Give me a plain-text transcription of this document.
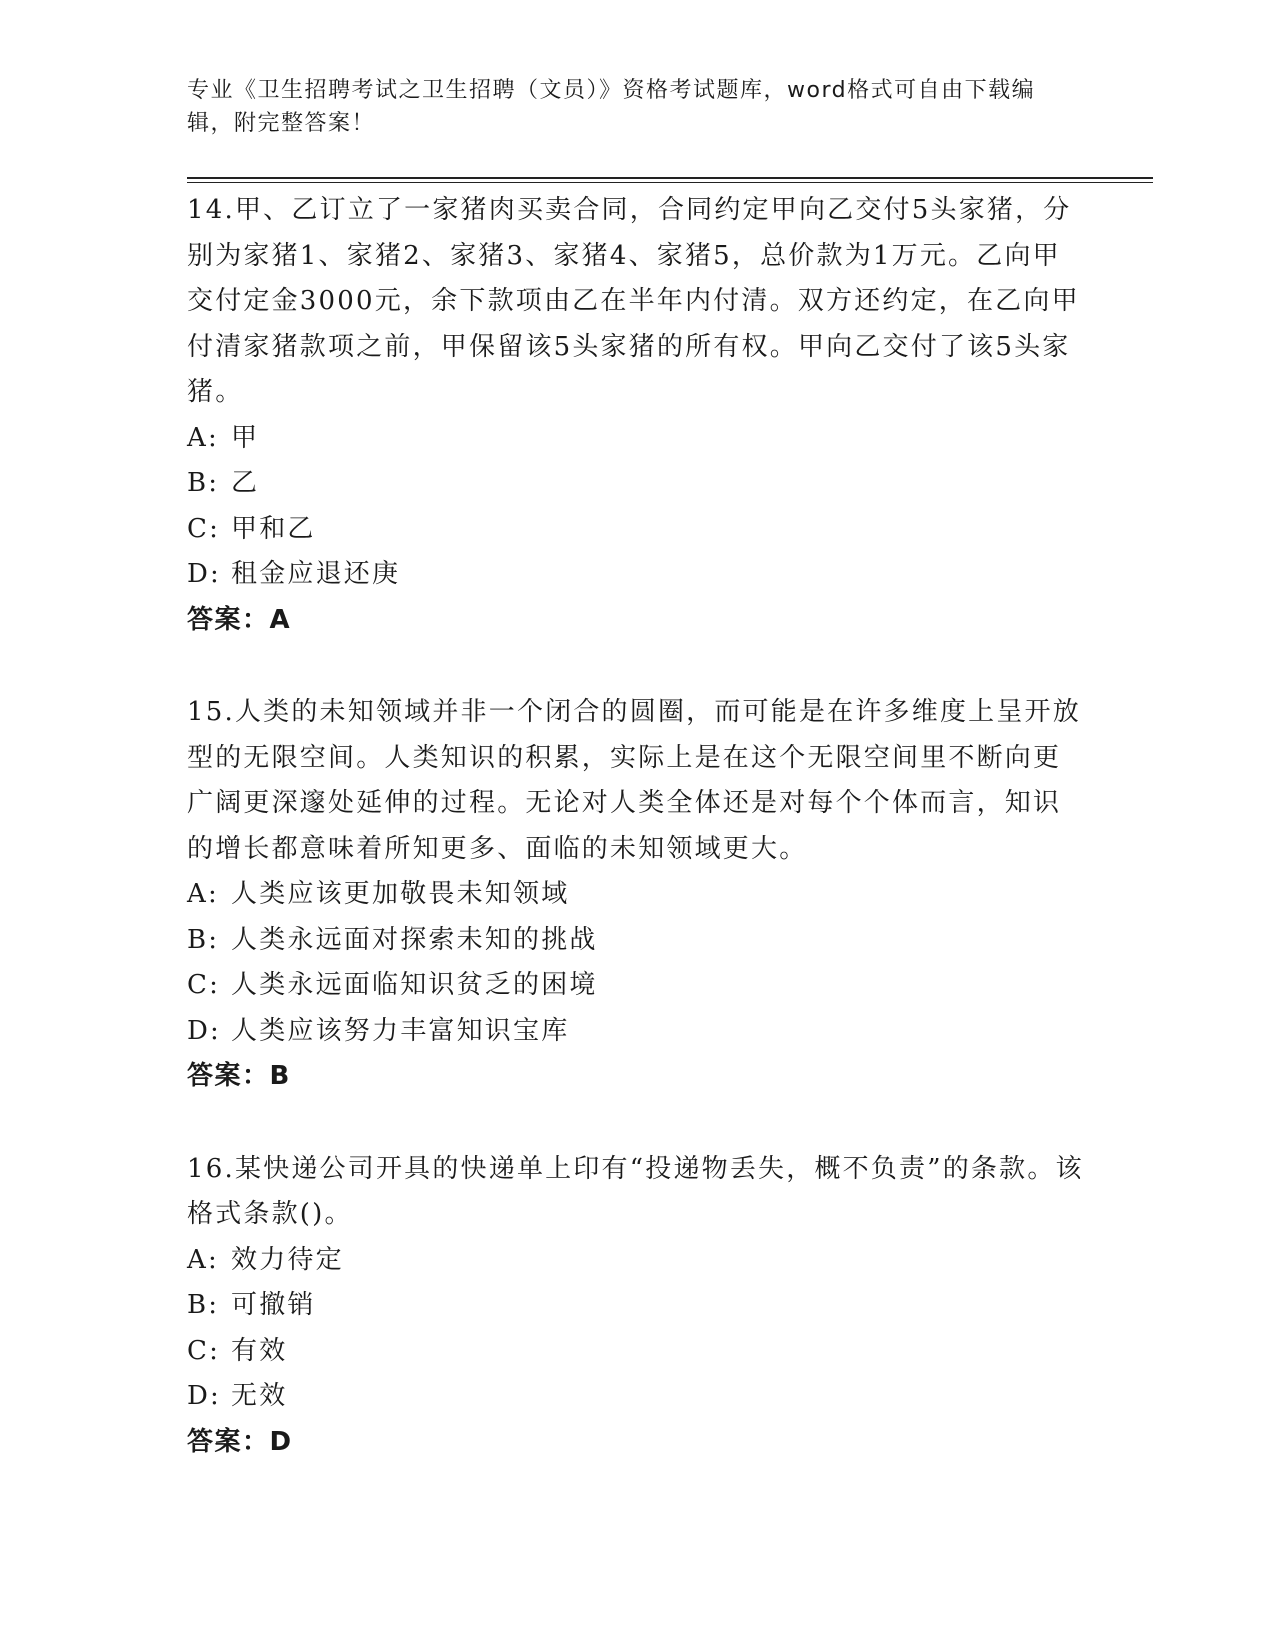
专业《卫生招聘考试之卫生招聘（文员）》资格考试题库，word格式可自由下载编辑，附完整答案！

14.甲、乙订立了一家猪肉买卖合同，合同约定甲向乙交付5头家猪，分别为家猪1、家猪2、家猪3、家猪4、家猪5，总价款为1万元。乙向甲交付定金3000元，余下款项由乙在半年内付清。双方还约定，在乙向甲付清家猪款项之前，甲保留该5头家猪的所有权。甲向乙交付了该5头家猪。

A: 甲

B: 乙

C: 甲和乙

D: 租金应退还庚

答案：A

15.人类的未知领域并非一个闭合的圆圈，而可能是在许多维度上呈开放型的无限空间。人类知识的积累，实际上是在这个无限空间里不断向更广阔更深邃处延伸的过程。无论对人类全体还是对每个个体而言，知识的增长都意味着所知更多、面临的未知领域更大。

A: 人类应该更加敬畏未知领域

B: 人类永远面对探索未知的挑战

C: 人类永远面临知识贫乏的困境

D: 人类应该努力丰富知识宝库

答案：B

16.某快递公司开具的快递单上印有“投递物丢失，概不负责”的条款。该格式条款()。

A: 效力待定

B: 可撤销

C: 有效

D: 无效

答案：D
